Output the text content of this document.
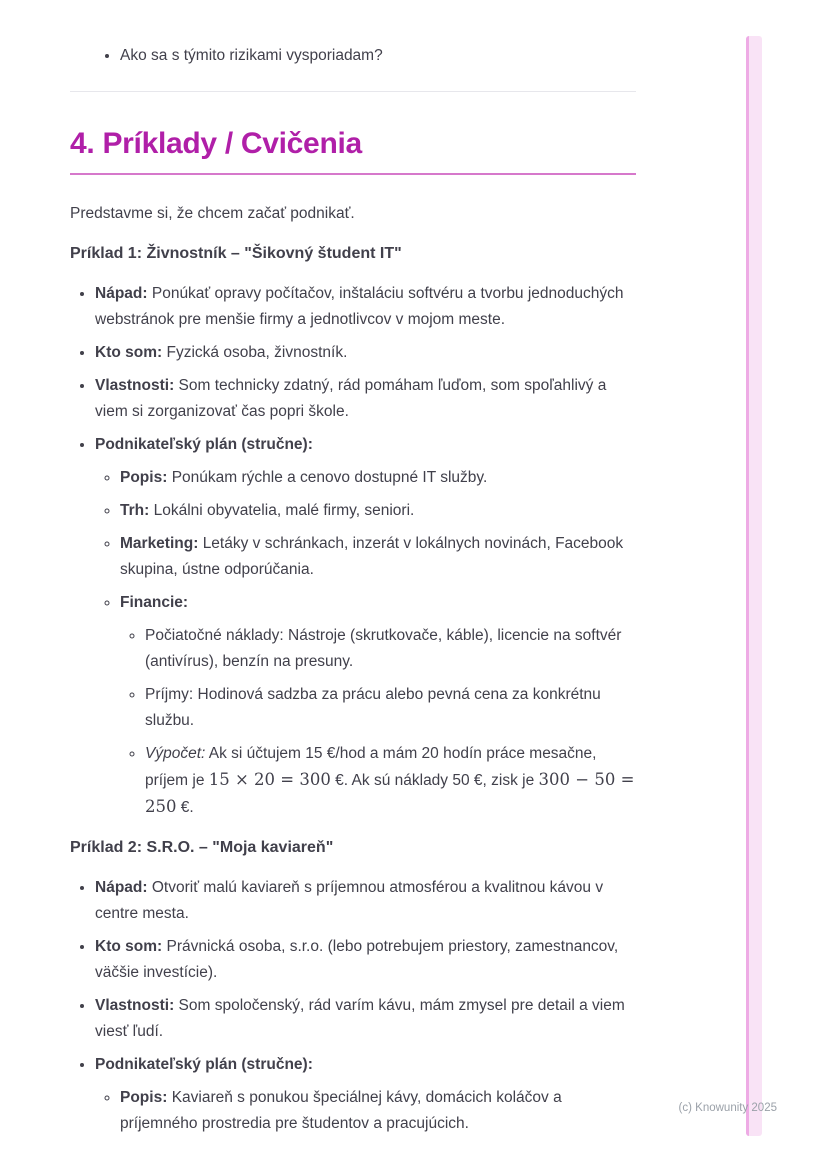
• Ako sa s týmito rizikami vysporiadam?
4. Príklady / Cvičenia

Predstavme si, že chcem začať podnikať.

Príklad 1: Živnostník – "Šikovný študent IT"

• Nápad: Ponúkať opravy počítačov, inštaláciu softvéru a tvorbu jednoduchých webstránok pre menšie firmy a jednotlivcov v mojom meste.
• Kto som: Fyzická osoba, živnostník.
• Vlastnosti: Som technicky zdatný, rád pomáham ľuďom, som spoľahlivý a viem si zorganizovať čas popri škole.
• Podnikateľský plán (stručne):
◦ Popis: Ponúkam rýchle a cenovo dostupné IT služby.
◦ Trh: Lokálni obyvatelia, malé firmy, seniori.
◦ Marketing: Letáky v schránkach, inzerát v lokálnych novinách, Facebook skupina, ústne odporúčania.
◦ Financie:
◦ Počiatočné náklady: Nástroje (skrutkovače, káble), licencie na softvér (antivírus), benzín na presuny.
◦ Príjmy: Hodinová sadzba za prácu alebo pevná cena za konkrétnu službu.
◦ Výpočet: Ak si účtujem 15 €/hod a mám 20 hodín práce mesačne, príjem je 15 × 20 = 300 €. Ak sú náklady 50 €, zisk je 300 − 50 = 250 €.

Príklad 2: S.R.O. – "Moja kaviareň"

• Nápad: Otvoriť malú kaviareň s príjemnou atmosférou a kvalitnou kávou v centre mesta.
• Kto som: Právnická osoba, s.r.o. (lebo potrebujem priestory, zamestnancov, väčšie investície).
• Vlastnosti: Som spoločenský, rád varím kávu, mám zmysel pre detail a viem viesť ľudí.
• Podnikateľský plán (stručne):
◦ Popis: Kaviareň s ponukou špeciálnej kávy, domácich koláčov a príjemného prostredia pre študentov a pracujúcich.
(c) Knowunity 2025
